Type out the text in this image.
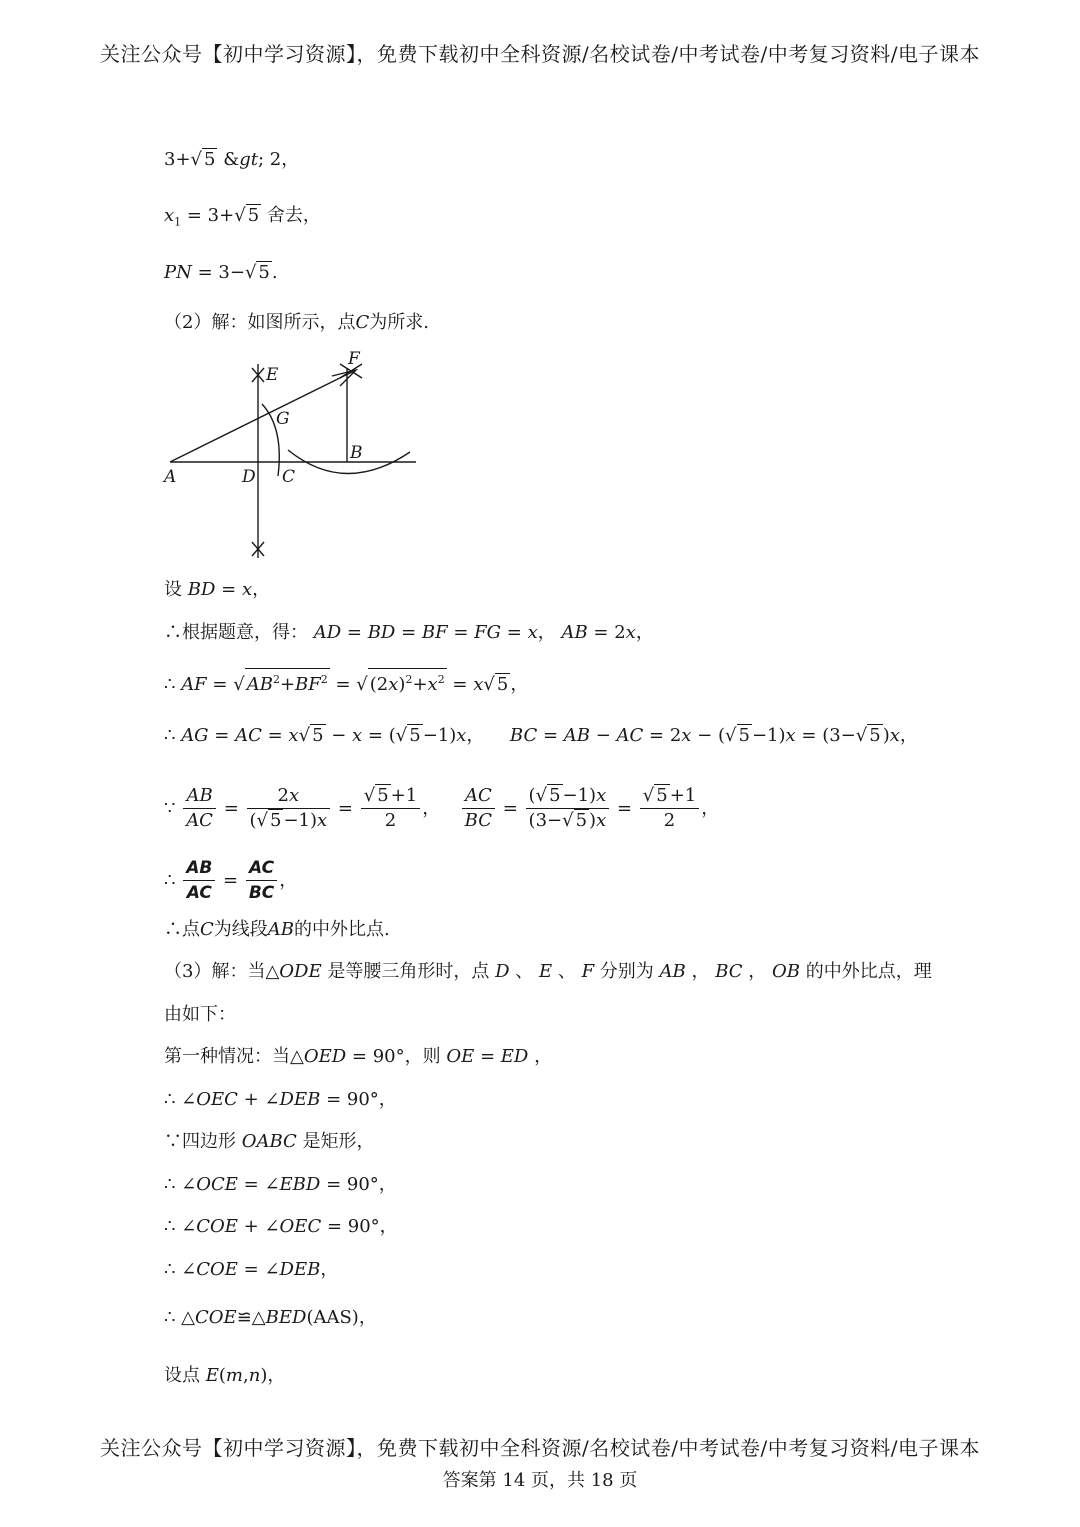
关注公众号【初中学习资源】，免费下载初中全科资源/名校试卷/中考试卷/中考复习资料/电子课本
3+√ 5 &gt; 2，
$x_1 = 3+√$ 5 舍去，
PN = 3−√ 5 .
（2）解：如图所示，点C为所求.
A
B
C
D
E
F
G
设 BD = x，
∴根据题意，得： AD = BD = BF = FG = x， AB = 2x，
∴ AF = √ $AB^2+BF^2$ = √ $(2x)^2+x^2 = x√$ 5 ，
∴ AG = AC = x√ 5 − x = (√ 5 −1)x， BC = AB − AC = 2x − (√ 5 −1)x = (3−√ 5 )x，
∵ $\frac{AB}{AC} = \frac{2x}{(√ 5 -1)x} = \frac{√ 5 +1}{2}$ ， $\frac{AC}{BC} = \frac{(√ 5 -1)x}{(3-√ 5 )x} = \frac{√ 5 +1}{2}$ ，
∴ $\frac{AB}{AC} = \frac{AC}{BC}$ ，
∴点C为线段AB的中外比点.
（3）解：当△ODE 是等腰三角形时，点 D 、 E 、 F 分别为 AB ， BC ， OB 的中外比点，理
由如下：
第一种情况：当△OED = 90°，则 OE = ED ，
∴ ∠OEC + ∠DEB = 90°，
∵四边形 OABC 是矩形，
∴ ∠OCE = ∠EBD = 90°，
∴ ∠COE + ∠OEC = 90°，
∴ ∠COE = ∠DEB，
∴ △COE≌△BED(AAS)，
设点 E(m,n)，
关注公众号【初中学习资源】，免费下载初中全科资源/名校试卷/中考试卷/中考复习资料/电子课本
答案第 14 页，共 18 页
